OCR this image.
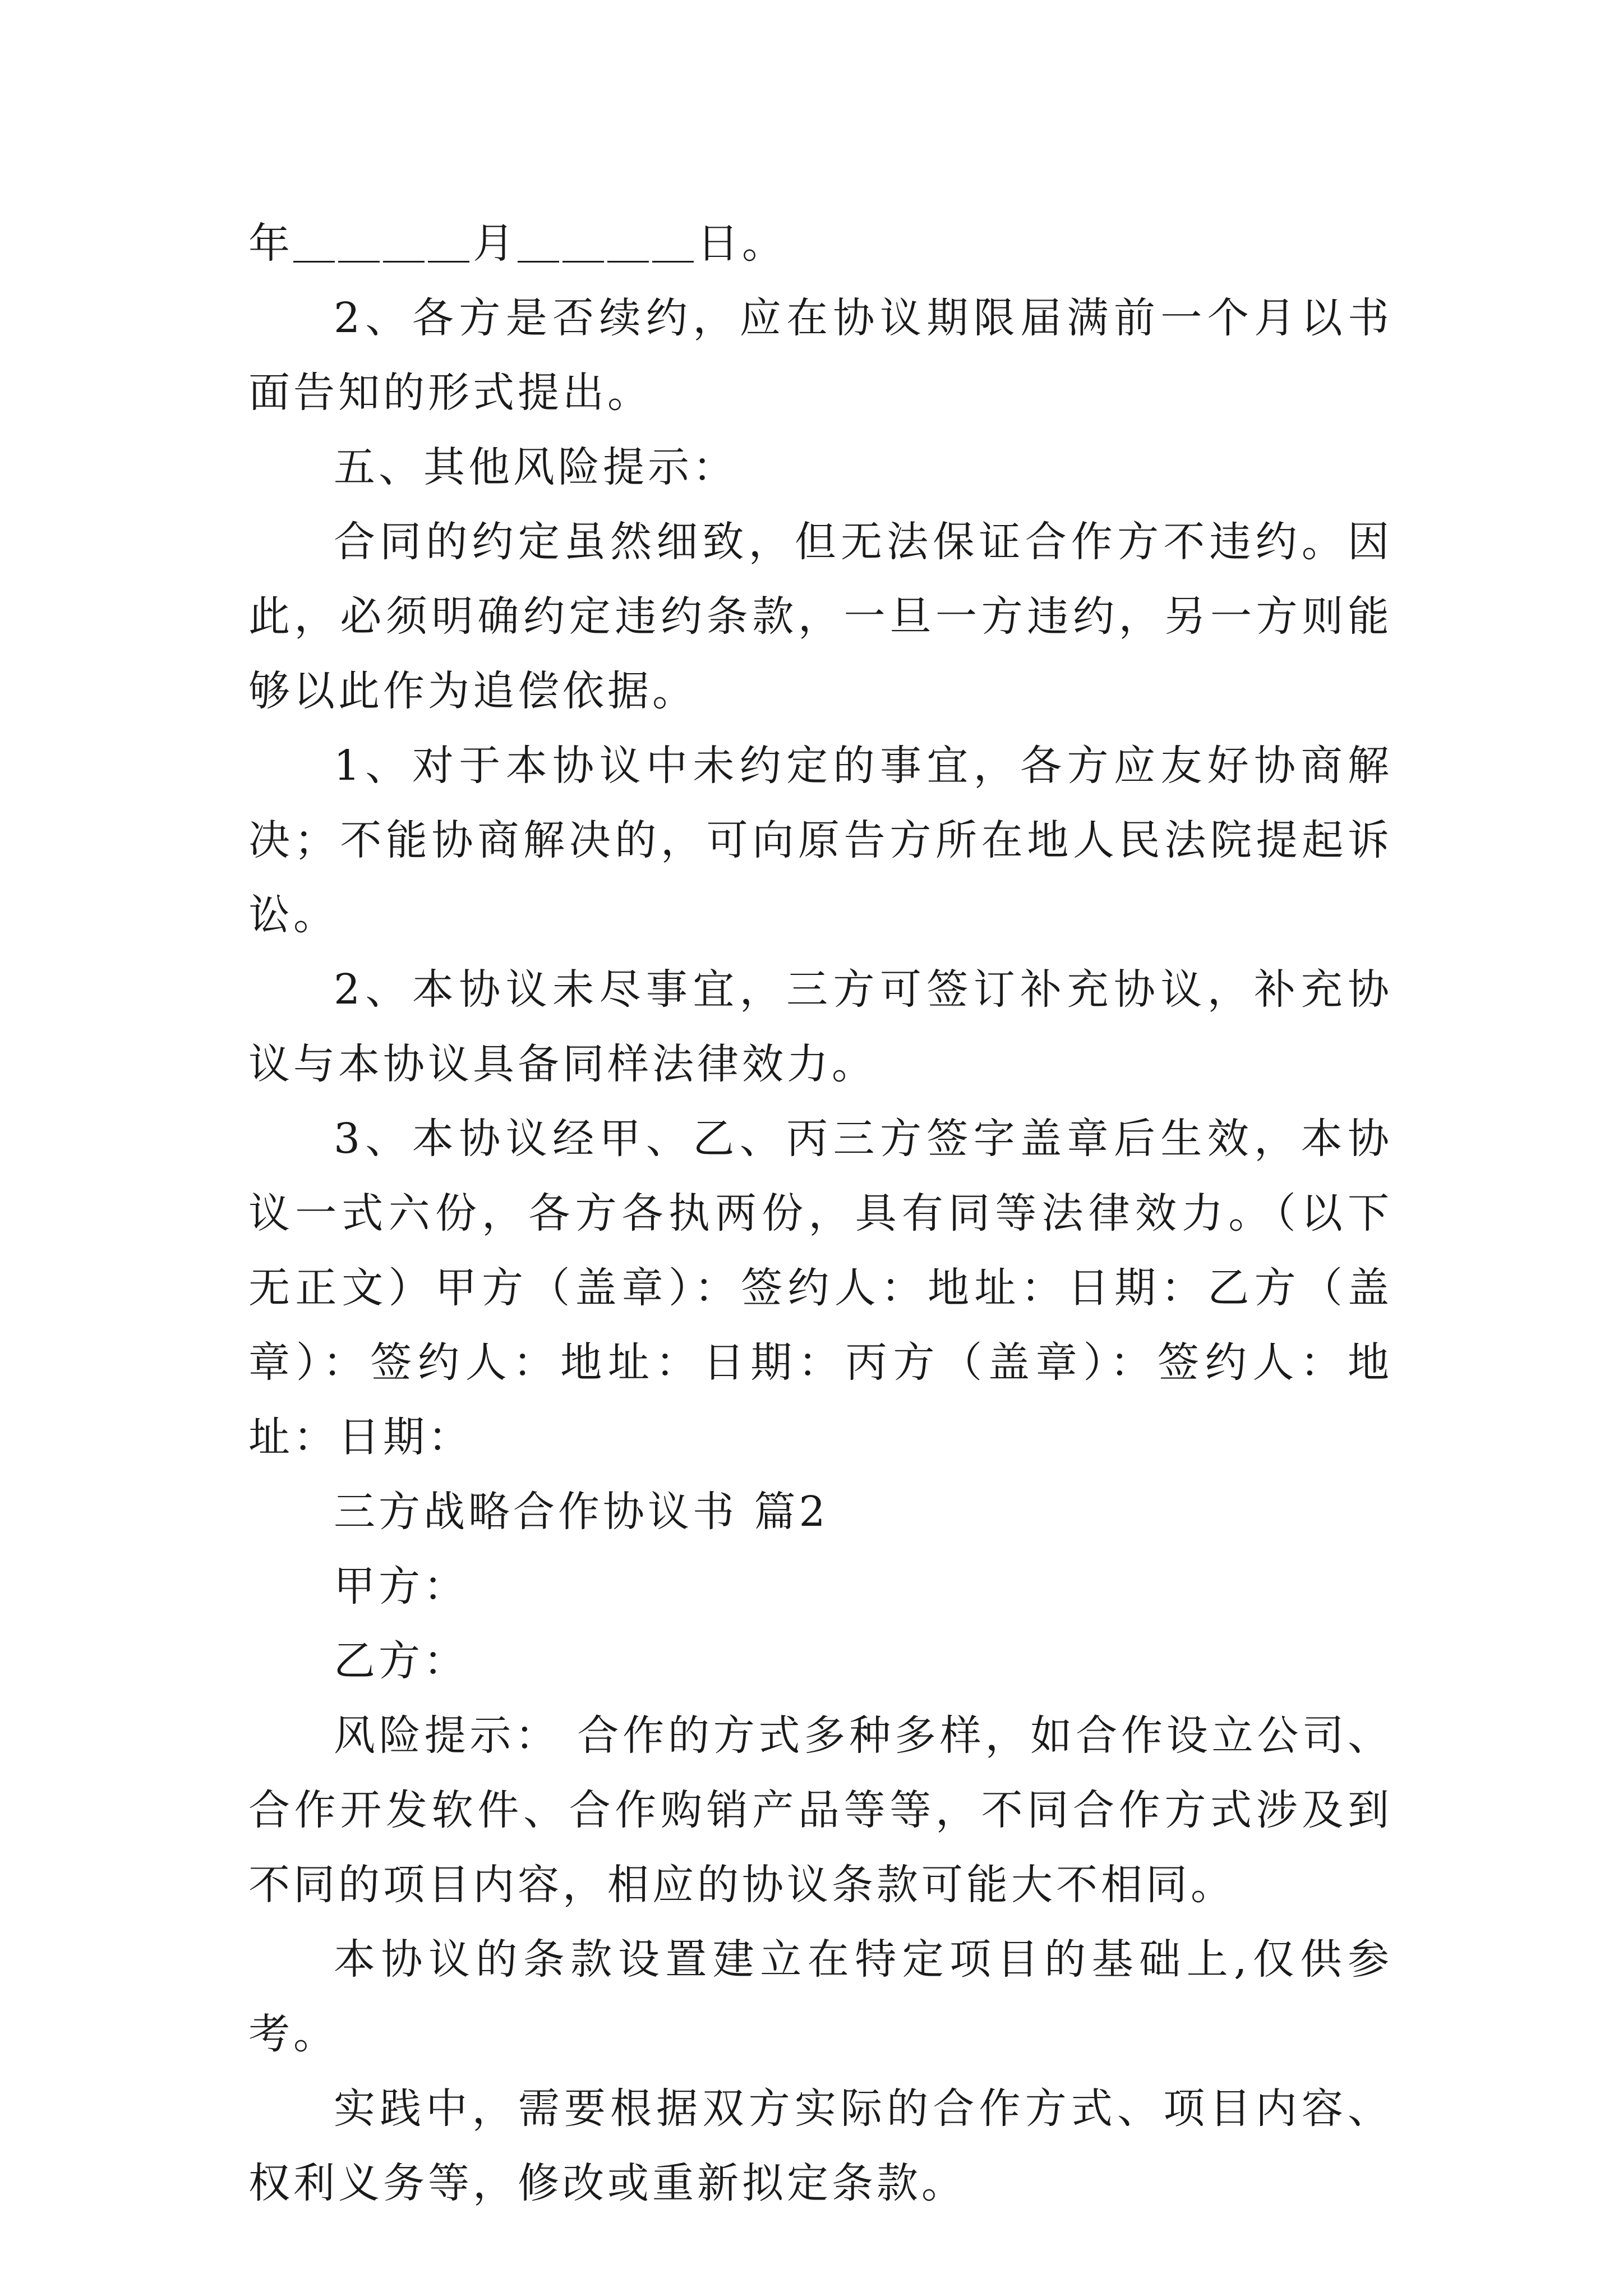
年＿＿＿＿月＿＿＿＿日。

2、各方是否续约，应在协议期限届满前一个月以书面告知的形式提出。

五、其他风险提示：

合同的约定虽然细致，但无法保证合作方不违约。因此，必须明确约定违约条款，一旦一方违约，另一方则能够以此作为追偿依据。

1、对于本协议中未约定的事宜，各方应友好协商解决；不能协商解决的，可向原告方所在地人民法院提起诉讼。

2、本协议未尽事宜，三方可签订补充协议，补充协议与本协议具备同样法律效力。

3、本协议经甲、乙、丙三方签字盖章后生效，本协议一式六份，各方各执两份，具有同等法律效力。（以下无正文）甲方（盖章）：签约人：地址：日期：乙方（盖章）：签约人：地址：日期：丙方（盖章）：签约人：地址：日期：

三方战略合作协议书 篇2

甲方：

乙方：

风险提示： 合作的方式多种多样，如合作设立公司、合作开发软件、合作购销产品等等，不同合作方式涉及到不同的项目内容，相应的协议条款可能大不相同。

本协议的条款设置建立在特定项目的基础上,仅供参考。

实践中，需要根据双方实际的合作方式、项目内容、权利义务等，修改或重新拟定条款。
